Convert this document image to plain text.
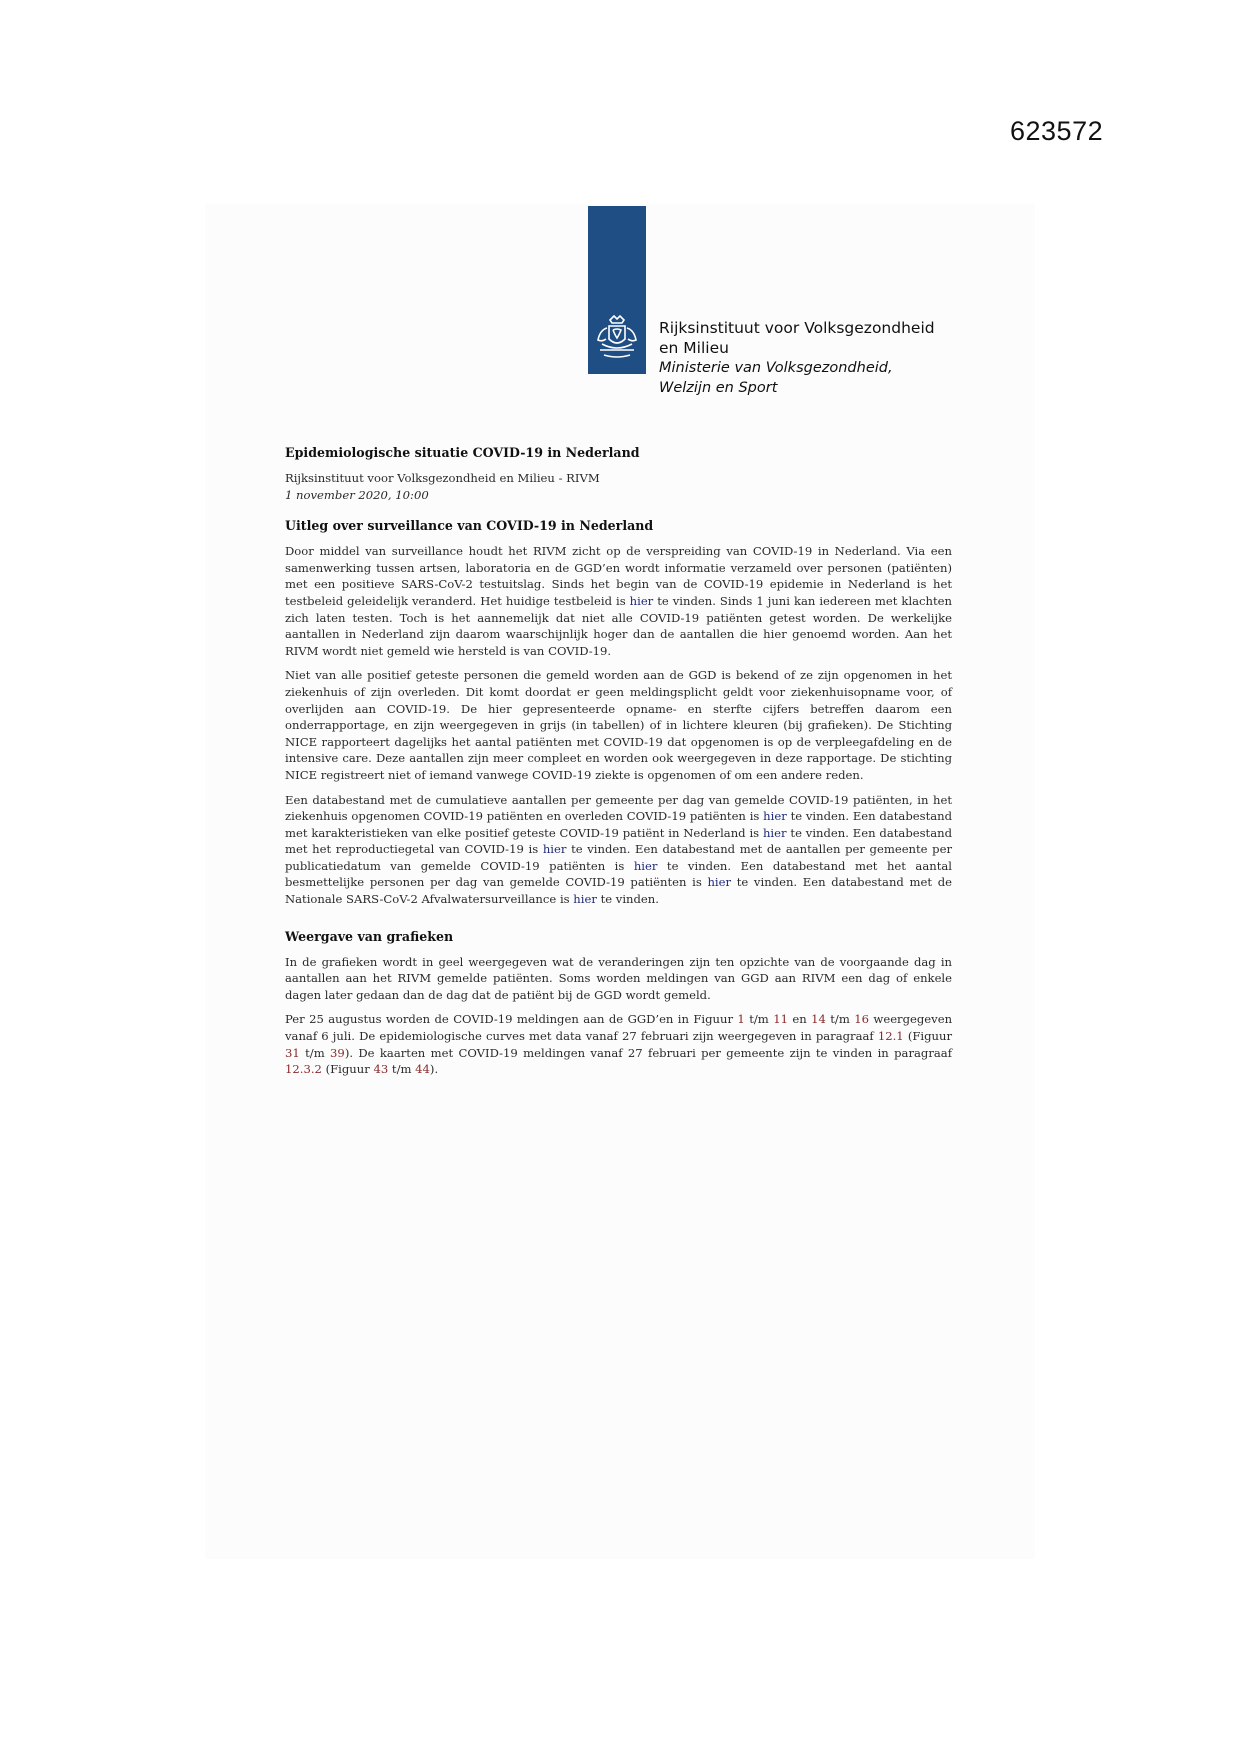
623572
Rijksinstituut voor Volksgezondheid
en Milieu
Ministerie van Volksgezondheid,
Welzijn en Sport
Epidemiologische situatie COVID-19 in Nederland
Rijksinstituut voor Volksgezondheid en Milieu - RIVM
1 november 2020, 10:00
Uitleg over surveillance van COVID-19 in Nederland

Door middel van surveillance houdt het RIVM zicht op de verspreiding van COVID-19 in Nederland. Via een samenwerking tussen artsen, laboratoria en de GGD’en wordt informatie verzameld over personen (patiënten) met een positieve SARS-CoV-2 testuitslag. Sinds het begin van de COVID-19 epidemie in Nederland is het testbeleid geleidelijk veranderd. Het huidige testbeleid is hier te vinden. Sinds 1 juni kan iedereen met klachten zich laten testen. Toch is het aannemelijk dat niet alle COVID-19 patiënten getest worden. De werkelijke aantallen in Nederland zijn daarom waarschijnlijk hoger dan de aantallen die hier genoemd worden. Aan het RIVM wordt niet gemeld wie hersteld is van COVID-19.

Niet van alle positief geteste personen die gemeld worden aan de GGD is bekend of ze zijn opgenomen in het ziekenhuis of zijn overleden. Dit komt doordat er geen meldingsplicht geldt voor ziekenhuisopname voor, of overlijden aan COVID-19. De hier gepresenteerde opname- en sterfte cijfers betreffen daarom een onderrapportage, en zijn weergegeven in grijs (in tabellen) of in lichtere kleuren (bij grafieken). De Stichting NICE rapporteert dagelijks het aantal patiënten met COVID-19 dat opgenomen is op de verpleegafdeling en de intensive care. Deze aantallen zijn meer compleet en worden ook weergegeven in deze rapportage. De stichting NICE registreert niet of iemand vanwege COVID-19 ziekte is opgenomen of om een andere reden.

Een databestand met de cumulatieve aantallen per gemeente per dag van gemelde COVID-19 patiënten, in het ziekenhuis opgenomen COVID-19 patiënten en overleden COVID-19 patiënten is hier te vinden. Een databestand met karakteristieken van elke positief geteste COVID-19 patiënt in Nederland is hier te vinden. Een databestand met het reproductiegetal van COVID-19 is hier te vinden. Een databestand met de aantallen per gemeente per publicatiedatum van gemelde COVID-19 patiënten is hier te vinden. Een databestand met het aantal besmettelijke personen per dag van gemelde COVID-19 patiënten is hier te vinden. Een databestand met de Nationale SARS-CoV-2 Afvalwatersurveillance is hier te vinden.

Weergave van grafieken

In de grafieken wordt in geel weergegeven wat de veranderingen zijn ten opzichte van de voorgaande dag in aantallen aan het RIVM gemelde patiënten. Soms worden meldingen van GGD aan RIVM een dag of enkele dagen later gedaan dan de dag dat de patiënt bij de GGD wordt gemeld.

Per 25 augustus worden de COVID-19 meldingen aan de GGD’en in Figuur 1 t/m 11 en 14 t/m 16 weergegeven vanaf 6 juli. De epidemiologische curves met data vanaf 27 februari zijn weergegeven in paragraaf 12.1 (Figuur 31 t/m 39). De kaarten met COVID-19 meldingen vanaf 27 februari per gemeente zijn te vinden in paragraaf 12.3.2 (Figuur 43 t/m 44).
